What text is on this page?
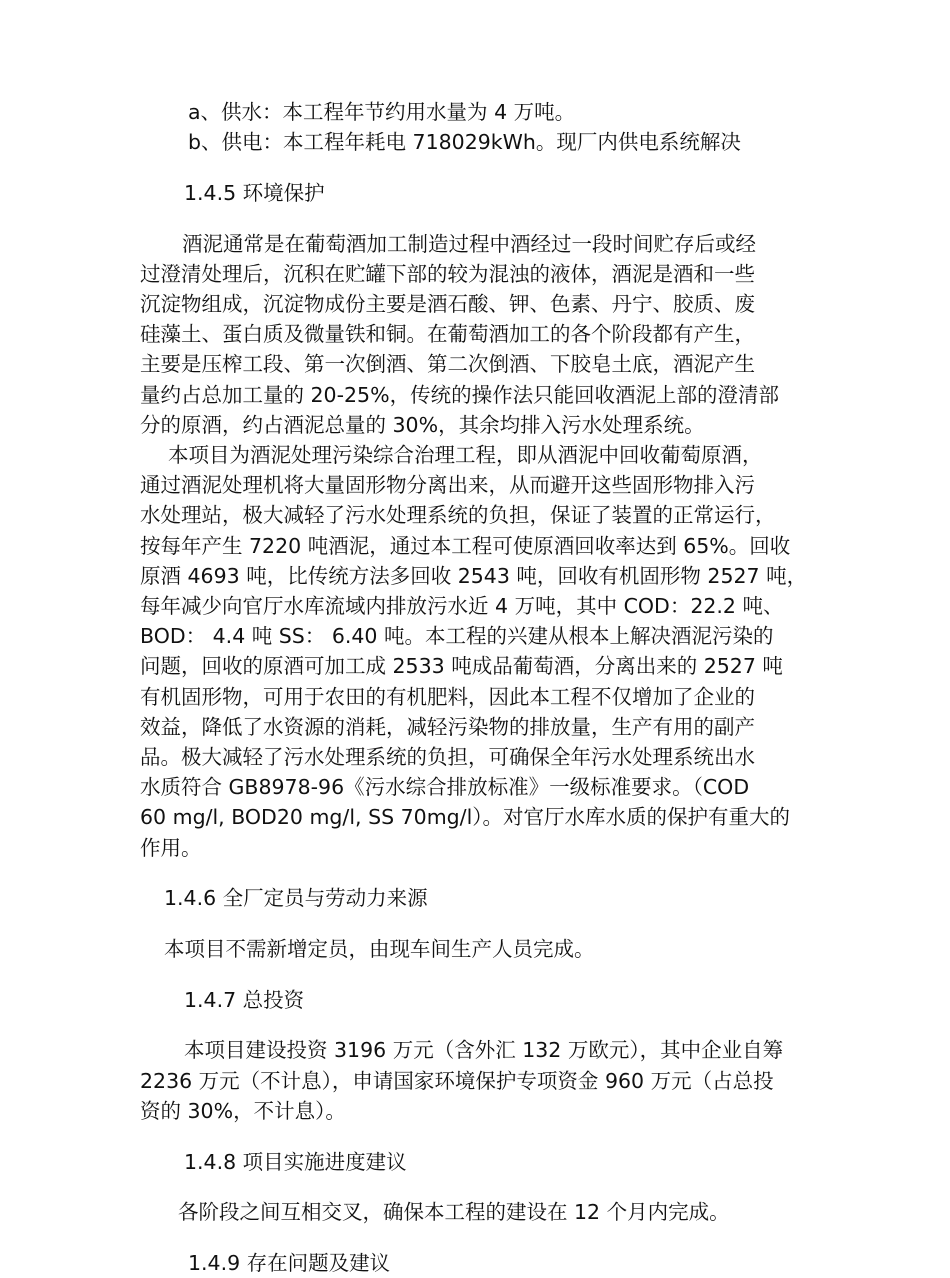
a、供水：本工程年节约用水量为 4 万吨。

b、供电：本工程年耗电 718029kWh。现厂内供电系统解决

1.4.5 环境保护

酒泥通常是在葡萄酒加工制造过程中酒经过一段时间贮存后或经

过澄清处理后，沉积在贮罐下部的较为混浊的液体，酒泥是酒和一些

沉淀物组成，沉淀物成份主要是酒石酸、钾、色素、丹宁、胶质、废

硅藻土、蛋白质及微量铁和铜。在葡萄酒加工的各个阶段都有产生，

主要是压榨工段、第一次倒酒、第二次倒酒、下胶皂土底，酒泥产生

量约占总加工量的 20-25%，传统的操作法只能回收酒泥上部的澄清部

分的原酒，约占酒泥总量的 30%，其余均排入污水处理系统。

本项目为酒泥处理污染综合治理工程，即从酒泥中回收葡萄原酒，

通过酒泥处理机将大量固形物分离出来，从而避开这些固形物排入污

水处理站，极大减轻了污水处理系统的负担，保证了装置的正常运行，

按每年产生 7220 吨酒泥，通过本工程可使原酒回收率达到 65%。回收

原酒 4693 吨，比传统方法多回收 2543 吨，回收有机固形物 2527 吨，

每年减少向官厅水库流域内排放污水近 4 万吨，其中 COD：22.2 吨、

BOD： 4.4 吨 SS： 6.40 吨。本工程的兴建从根本上解决酒泥污染的

问题，回收的原酒可加工成 2533 吨成品葡萄酒，分离出来的 2527 吨

有机固形物，可用于农田的有机肥料，因此本工程不仅增加了企业的

效益，降低了水资源的消耗，减轻污染物的排放量，生产有用的副产

品。极大减轻了污水处理系统的负担，可确保全年污水处理系统出水

水质符合 GB8978-96《污水综合排放标准》一级标准要求。（COD

60 mg/l, BOD20 mg/l, SS 70mg/l）。对官厅水库水质的保护有重大的

作用。

1.4.6 全厂定员与劳动力来源

本项目不需新增定员，由现车间生产人员完成。

1.4.7 总投资

本项目建设投资 3196 万元（含外汇 132 万欧元），其中企业自筹

2236 万元（不计息），申请国家环境保护专项资金 960 万元（占总投

资的 30%，不计息）。

1.4.8 项目实施进度建议

各阶段之间互相交叉，确保本工程的建设在 12 个月内完成。

1.4.9 存在问题及建议
